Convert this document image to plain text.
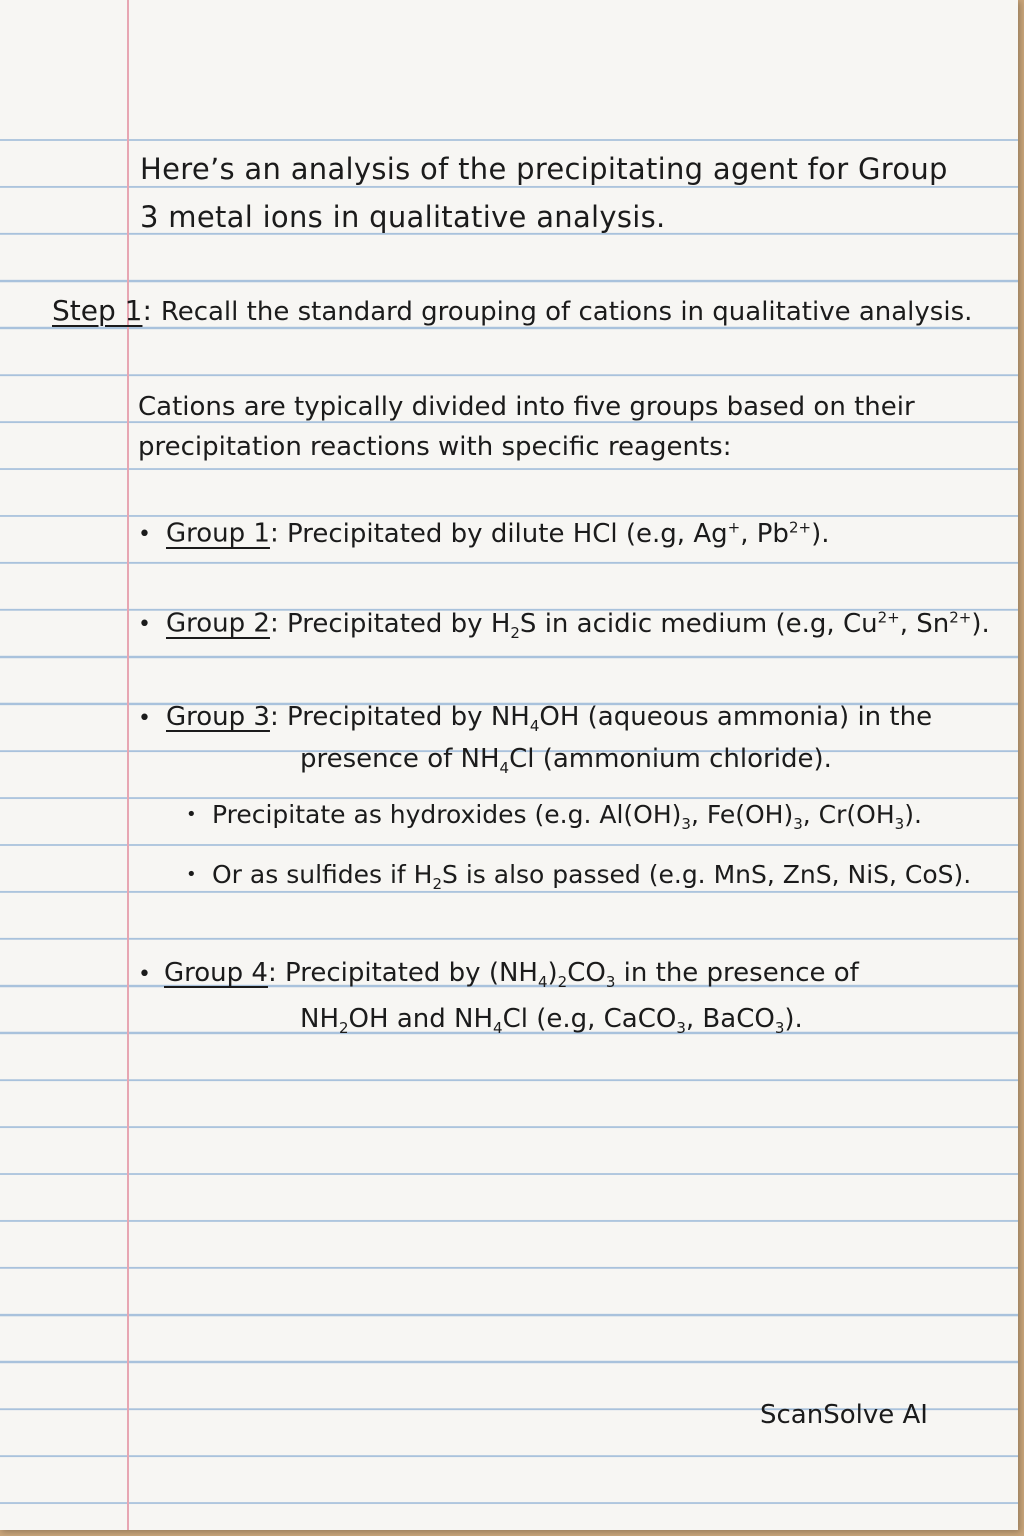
Here’s an analysis of the precipitating agent for Group

3 metal ions in qualitative analysis.

Step 1: Recall the standard grouping of cations in qualitative analysis.

Cations are typically divided into five groups based on their

precipitation reactions with specific reagents:

• Group 1: Precipitated by dilute HCl (e.g, Ag+, $Pb^{2+}$).

• Group 2: Precipitated by $H_2S$ in acidic medium (e.g, $Cu^{2+}$, $Sn^{2+}$).

• Group 3: Precipitated by $NH_4OH$ (aqueous ammonia) in the

presence of $NH_4Cl$ (ammonium chloride).

• Precipitate as hydroxides (e.g. $Al(OH)_3$, $Fe(OH)_3$, $Cr(OH_3)$.

• Or as sulfides if $H_2S$ is also passed (e.g. MnS, ZnS, NiS, CoS).

• Group 4: Precipitated by $(NH_4)_2CO_3$ in the presence of

$NH_2OH$ and $NH_4Cl$ (e.g, CaCO$_3$, BaCO$_3$).

ScanSolve AI
